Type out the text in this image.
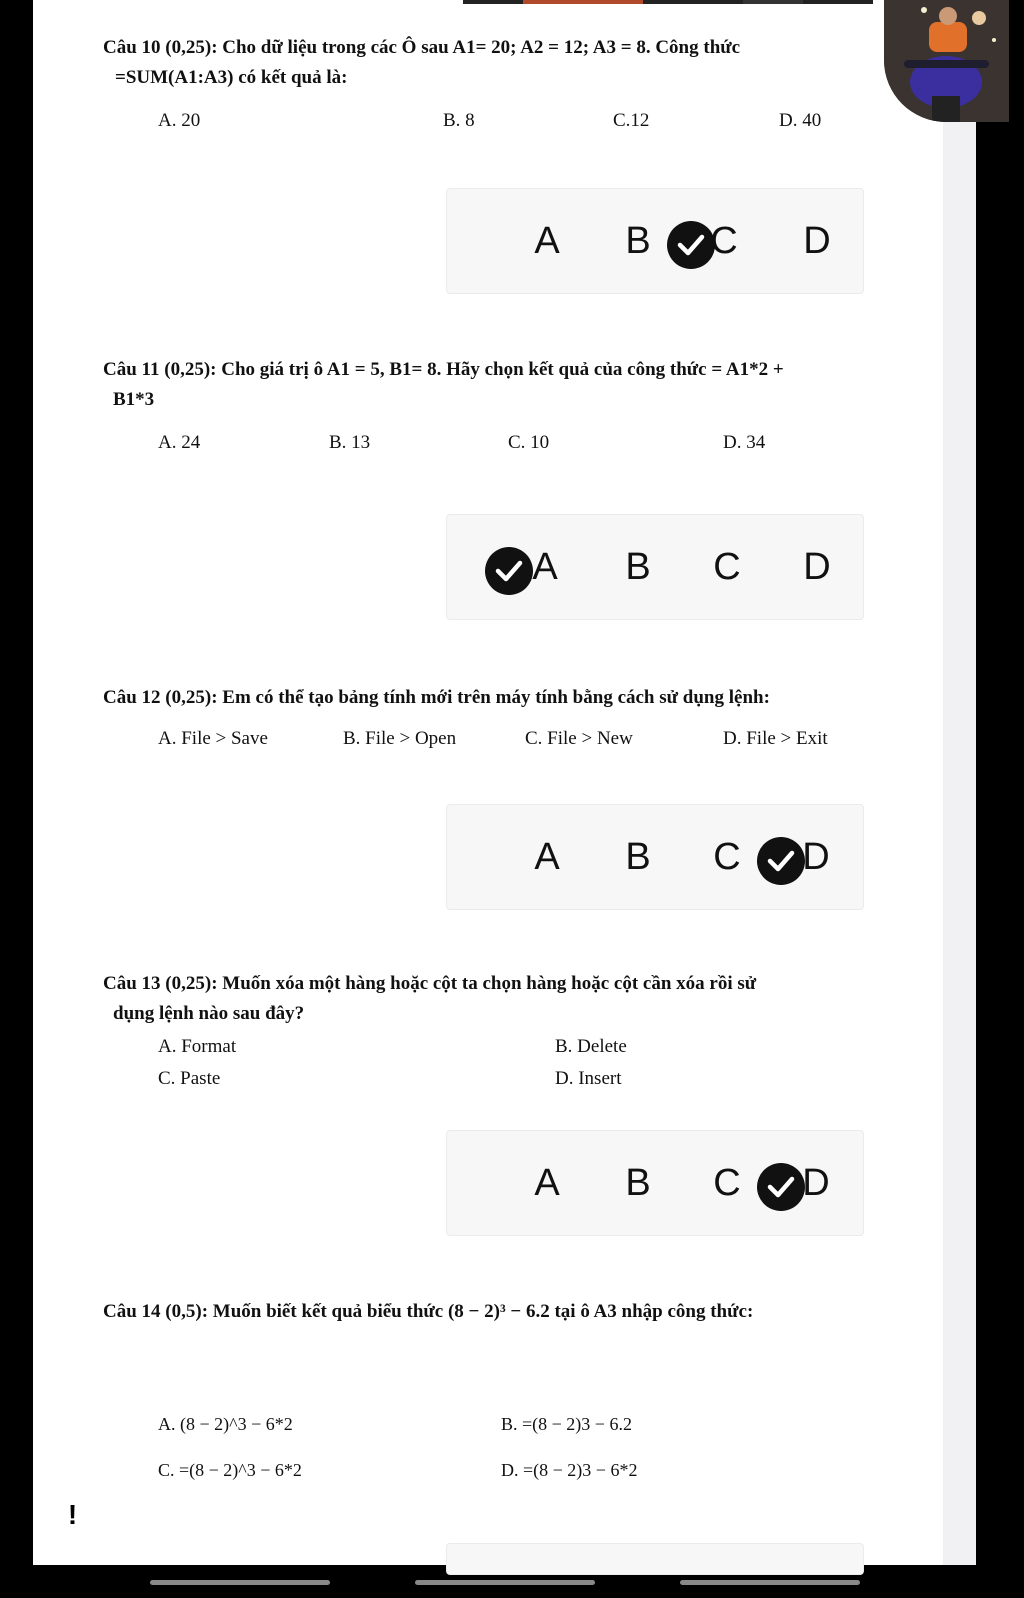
Câu 10 (0,25): Cho dữ liệu trong các Ô sau A1= 20; A2 = 12; A3 = 8. Công thức
=SUM(A1:A3) có kết quả là:
A. 20	B. 8	C.12	D. 40
A B C D
Câu 11 (0,25): Cho giá trị ô A1 = 5, B1= 8. Hãy chọn kết quả của công thức = A1*2 +
B1*3
A. 24	B. 13	C. 10	D. 34
A B C D
Câu 12 (0,25): Em có thể tạo bảng tính mới trên máy tính bằng cách sử dụng lệnh:
A. File > Save	B. File > Open	C. File > New	D. File > Exit
A B C D
Câu 13 (0,25): Muốn xóa một hàng hoặc cột ta chọn hàng hoặc cột cần xóa rồi sử
dụng lệnh nào sau đây?
A. Format	B. Delete
C. Paste	D. Insert
A B C D
Câu 14 (0,5): Muốn biết kết quả biểu thức (8 − 2)³ − 6.2 tại ô A3 nhập công thức:
A. (8 − 2)^3 − 6*2	B. =(8 − 2)3 − 6.2
C. =(8 − 2)^3 − 6*2	D. =(8 − 2)3 − 6*2
!
